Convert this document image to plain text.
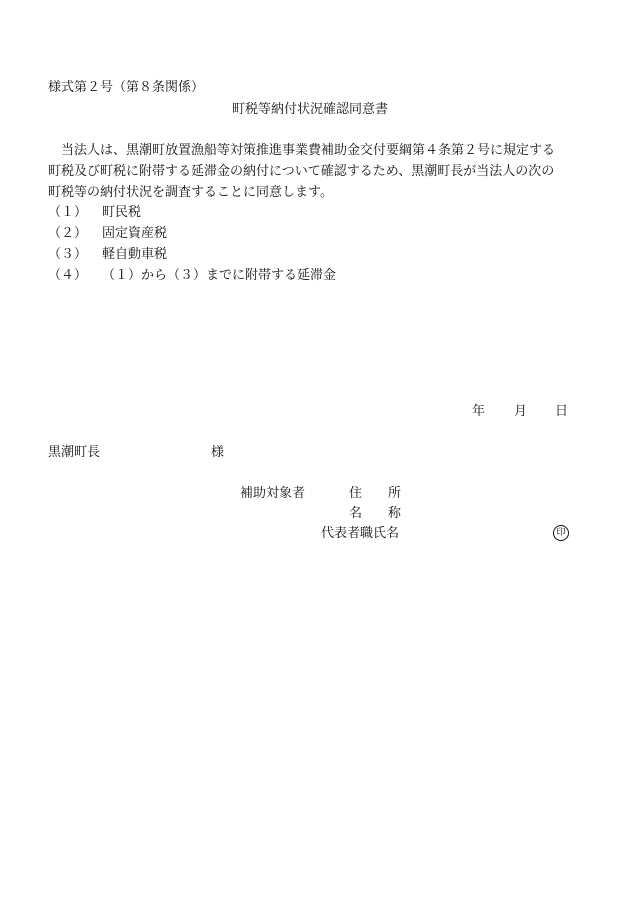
様式第２号（第８条関係）
町税等納付状況確認同意書
　当法人は、黒潮町放置漁船等対策推進事業費補助金交付要綱第４条第２号に規定する
町税及び町税に附帯する延滞金の納付について確認するため、黒潮町長が当法人の次の
町税等の納付状況を調査することに同意します。
（１） 町民税
（２） 固定資産税
（３） 軽自動車税
（４） （１）から（３）までに附帯する延滞金
年 月 日
黒潮町長	様
補助対象者	住　　所
名　　称
代表者職氏名	印
